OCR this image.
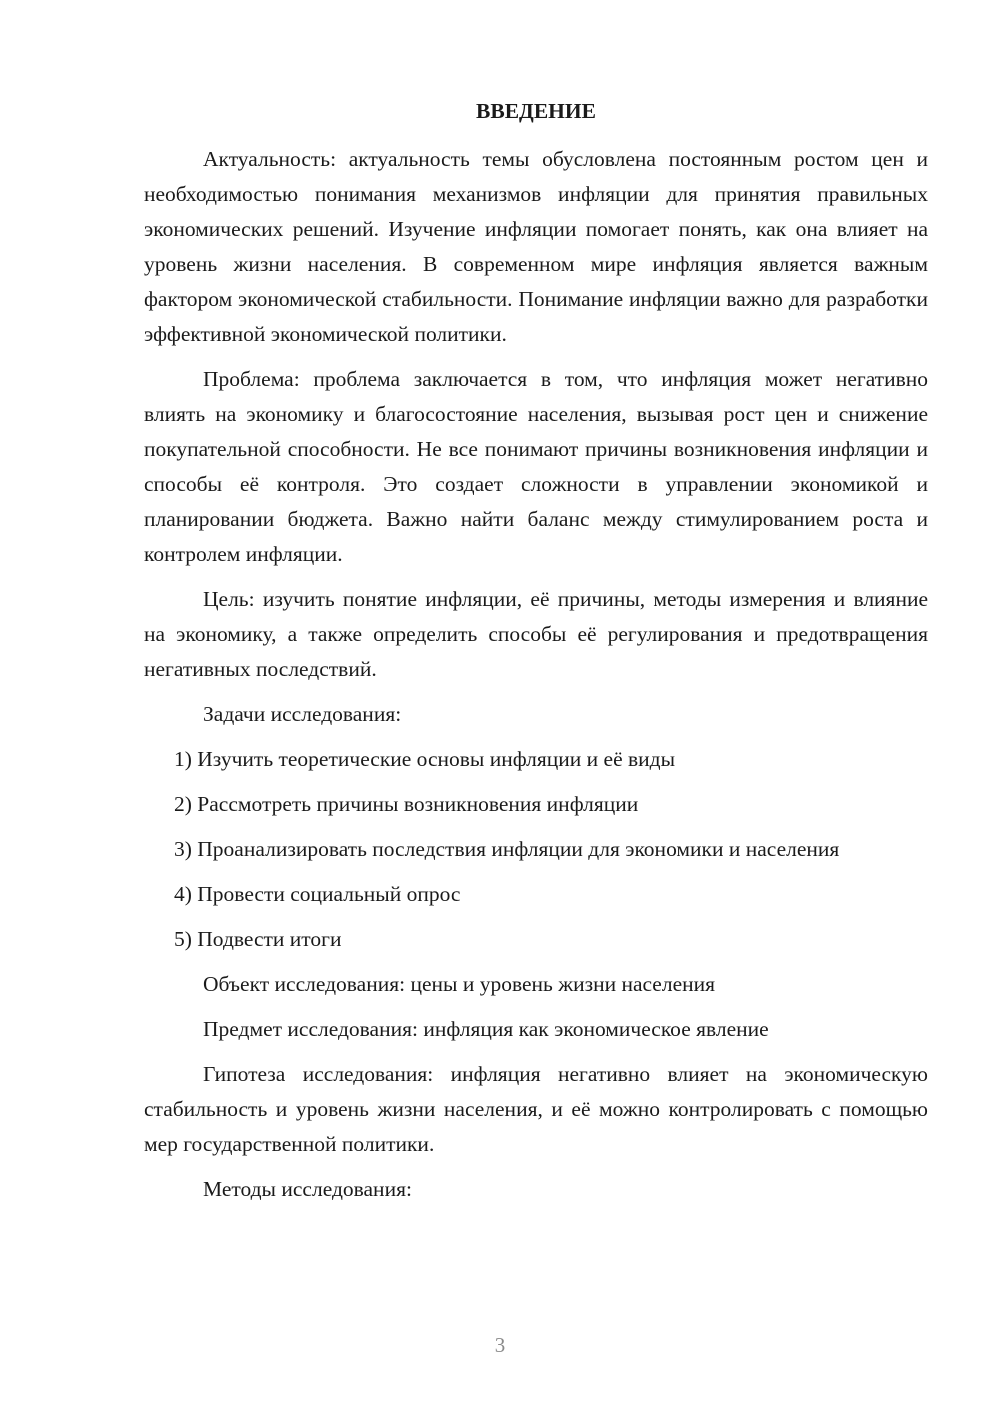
ВВЕДЕНИЕ

Актуальность: актуальность темы обусловлена постоянным ростом цен и необходимостью понимания механизмов инфляции для принятия правильных экономических решений. Изучение инфляции помогает понять, как она влияет на уровень жизни населения. В современном мире инфляция является важным фактором экономической стабильности. Понимание инфляции важно для разработки эффективной экономической политики.

Проблема: проблема заключается в том, что инфляция может негативно влиять на экономику и благосостояние населения, вызывая рост цен и снижение покупательной способности. Не все понимают причины возникновения инфляции и способы её контроля. Это создает сложности в управлении экономикой и планировании бюджета. Важно найти баланс между стимулированием роста и контролем инфляции.

Цель: изучить понятие инфляции, её причины, методы измерения и влияние на экономику, а также определить способы её регулирования и предотвращения негативных последствий.

Задачи исследования:

1) Изучить теоретические основы инфляции и её виды

2) Рассмотреть причины возникновения инфляции

3) Проанализировать последствия инфляции для экономики и населения

4) Провести социальный опрос

5) Подвести итоги

Объект исследования: цены и уровень жизни населения

Предмет исследования: инфляция как экономическое явление

Гипотеза исследования: инфляция негативно влияет на экономическую стабильность и уровень жизни населения, и её можно контролировать с помощью мер государственной политики.

Методы исследования:

3
